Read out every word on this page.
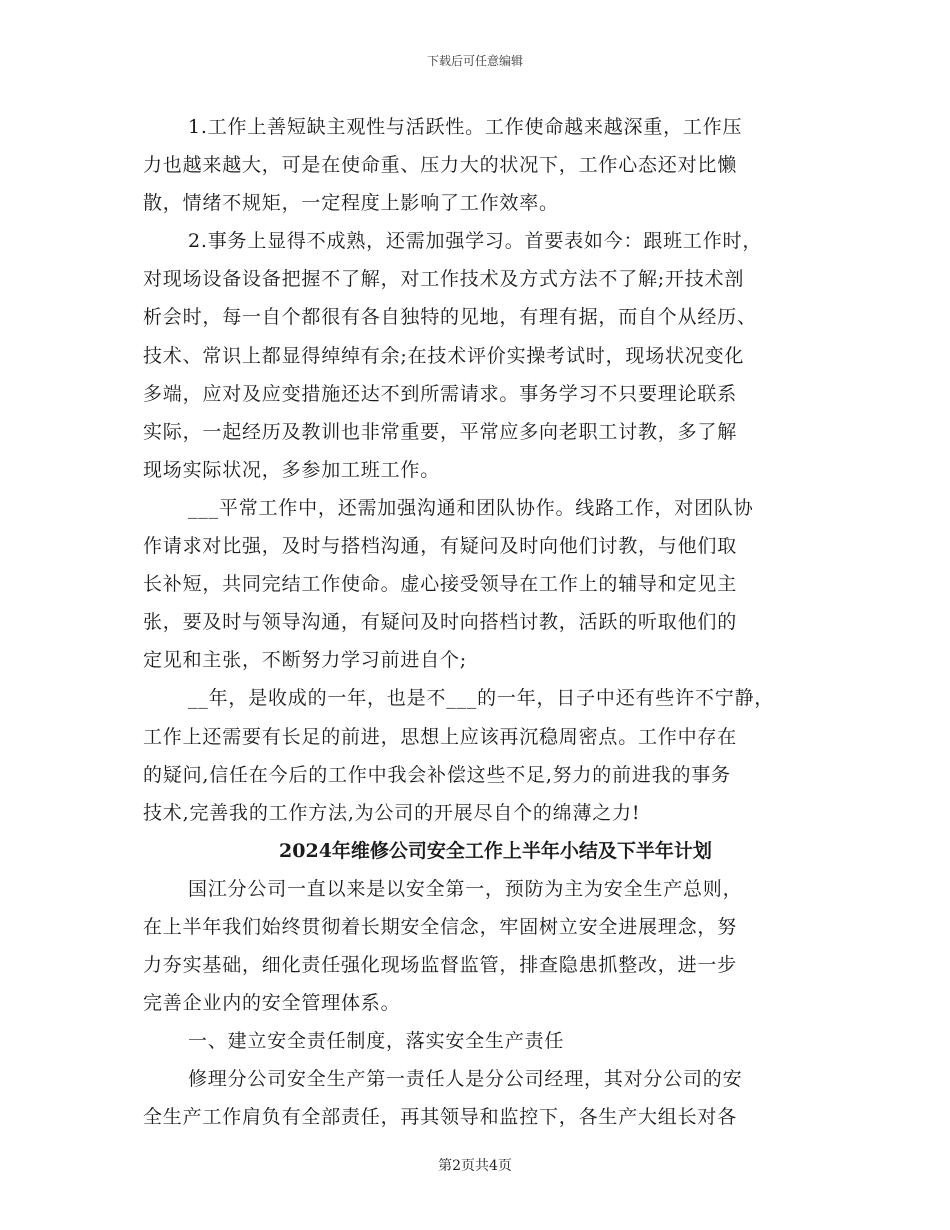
下载后可任意编辑
1.工作上善短缺主观性与活跃性。工作使命越来越深重，工作压
力也越来越大，可是在使命重、压力大的状况下，工作心态还对比懒
散，情绪不规矩，一定程度上影响了工作效率。
2.事务上显得不成熟，还需加强学习。首要表如今：跟班工作时，
对现场设备设备把握不了解，对工作技术及方式方法不了解;开技术剖
析会时，每一自个都很有各自独特的见地，有理有据，而自个从经历、
技术、常识上都显得绰绰有余;在技术评价实操考试时，现场状况变化
多端，应对及应变措施还达不到所需请求。事务学习不只要理论联系
实际，一起经历及教训也非常重要，平常应多向老职工讨教，多了解
现场实际状况，多参加工班工作。
___平常工作中，还需加强沟通和团队协作。线路工作，对团队协
作请求对比强，及时与搭档沟通，有疑问及时向他们讨教，与他们取
长补短，共同完结工作使命。虚心接受领导在工作上的辅导和定见主
张，要及时与领导沟通，有疑问及时向搭档讨教，活跃的听取他们的
定见和主张，不断努力学习前进自个;
__年，是收成的一年，也是不___的一年，日子中还有些许不宁静，
工作上还需要有长足的前进，思想上应该再沉稳周密点。工作中存在
的疑问,信任在今后的工作中我会补偿这些不足,努力的前进我的事务
技术,完善我的工作方法,为公司的开展尽自个的绵薄之力!
2024年维修公司安全工作上半年小结及下半年计划
国江分公司一直以来是以安全第一，预防为主为安全生产总则，
在上半年我们始终贯彻着长期安全信念，牢固树立安全进展理念，努
力夯实基础，细化责任强化现场监督监管，排查隐患抓整改，进一步
完善企业内的安全管理体系。
一、建立安全责任制度，落实安全生产责任
修理分公司安全生产第一责任人是分公司经理，其对分公司的安
全生产工作肩负有全部责任，再其领导和监控下，各生产大组长对各
第2页共4页
